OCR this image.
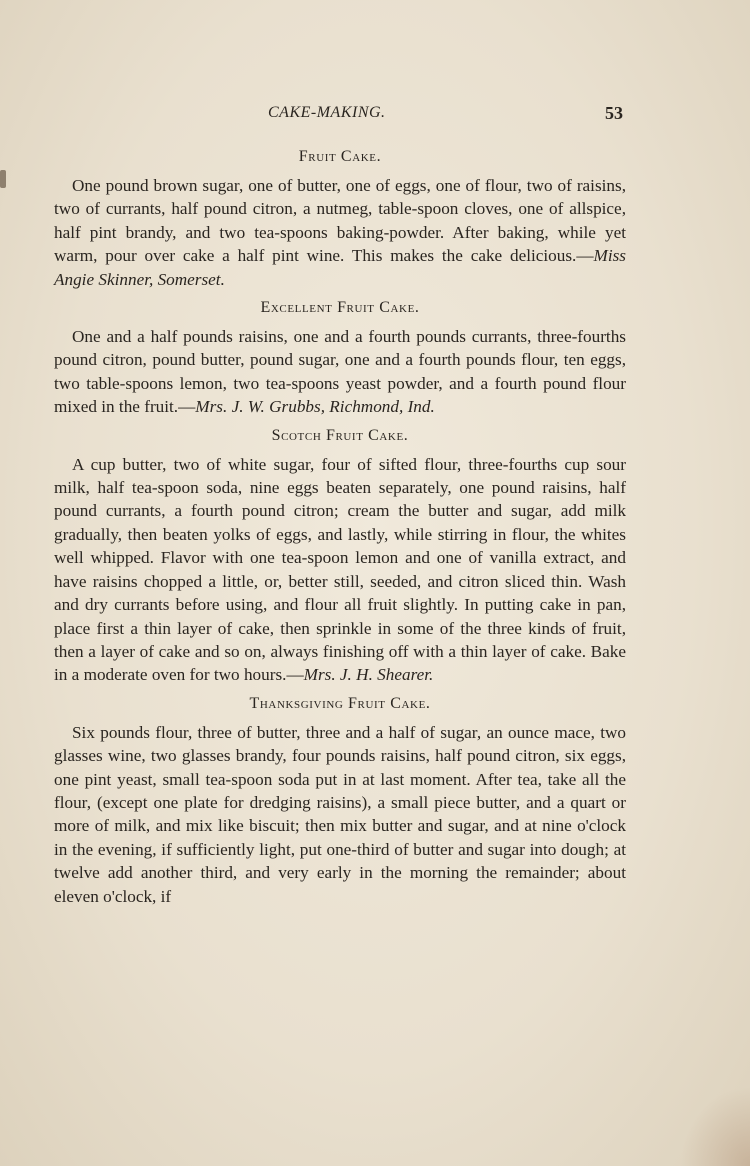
CAKE-MAKING.	53
Fruit Cake.

One pound brown sugar, one of butter, one of eggs, one of flour, two of raisins, two of currants, half pound citron, a nutmeg, table-spoon cloves, one of allspice, half pint brandy, and two tea-spoons baking-powder. After baking, while yet warm, pour over cake a half pint wine. This makes the cake delicious.—Miss Angie Skinner, Somerset.

Excellent Fruit Cake.

One and a half pounds raisins, one and a fourth pounds currants, three-fourths pound citron, pound butter, pound sugar, one and a fourth pounds flour, ten eggs, two table-spoons lemon, two tea-spoons yeast powder, and a fourth pound flour mixed in the fruit.—Mrs. J. W. Grubbs, Richmond, Ind.

Scotch Fruit Cake.

A cup butter, two of white sugar, four of sifted flour, three-fourths cup sour milk, half tea-spoon soda, nine eggs beaten separately, one pound raisins, half pound currants, a fourth pound citron; cream the butter and sugar, add milk gradually, then beaten yolks of eggs, and lastly, while stirring in flour, the whites well whipped. Flavor with one tea-spoon lemon and one of vanilla extract, and have raisins chopped a little, or, better still, seeded, and citron sliced thin. Wash and dry currants before using, and flour all fruit slightly. In putting cake in pan, place first a thin layer of cake, then sprinkle in some of the three kinds of fruit, then a layer of cake and so on, always finishing off with a thin layer of cake. Bake in a moderate oven for two hours.—Mrs. J. H. Shearer.

Thanksgiving Fruit Cake.

Six pounds flour, three of butter, three and a half of sugar, an ounce mace, two glasses wine, two glasses brandy, four pounds raisins, half pound citron, six eggs, one pint yeast, small tea-spoon soda put in at last moment. After tea, take all the flour, (except one plate for dredging raisins), a small piece butter, and a quart or more of milk, and mix like biscuit; then mix butter and sugar, and at nine o'clock in the evening, if sufficiently light, put one-third of butter and sugar into dough; at twelve add another third, and very early in the morning the remainder; about eleven o'clock, if
